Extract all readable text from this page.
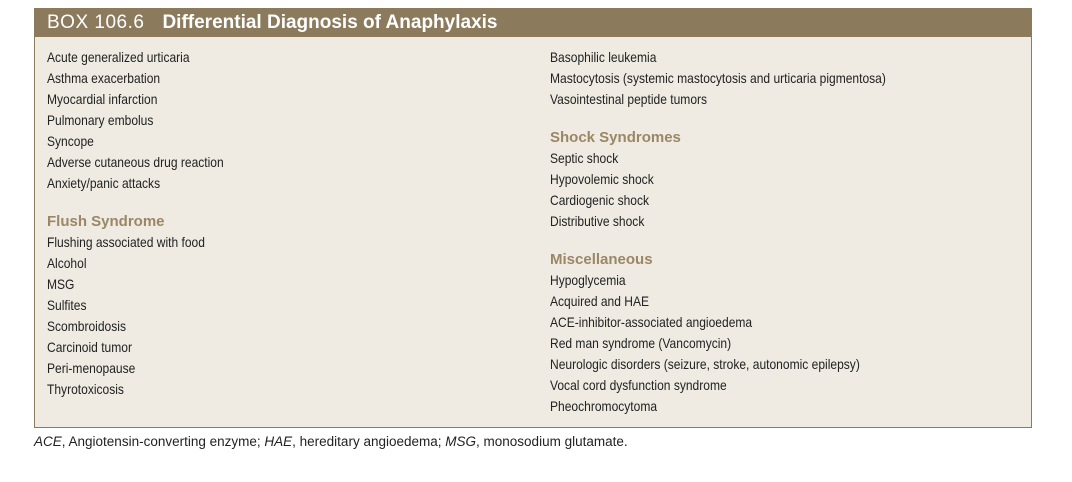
BOX 106.6 Differential Diagnosis of Anaphylaxis
Acute generalized urticaria
Asthma exacerbation
Myocardial infarction
Pulmonary embolus
Syncope
Adverse cutaneous drug reaction
Anxiety/panic attacks
Flush Syndrome
Flushing associated with food
Alcohol
MSG
Sulfites
Scombroidosis
Carcinoid tumor
Peri-menopause
Thyrotoxicosis
Basophilic leukemia
Mastocytosis (systemic mastocytosis and urticaria pigmentosa)
Vasointestinal peptide tumors
Shock Syndromes
Septic shock
Hypovolemic shock
Cardiogenic shock
Distributive shock
Miscellaneous
Hypoglycemia
Acquired and HAE
ACE-inhibitor-associated angioedema
Red man syndrome (Vancomycin)
Neurologic disorders (seizure, stroke, autonomic epilepsy)
Vocal cord dysfunction syndrome
Pheochromocytoma
ACE, Angiotensin-converting enzyme; HAE, hereditary angioedema; MSG, monosodium glutamate.
